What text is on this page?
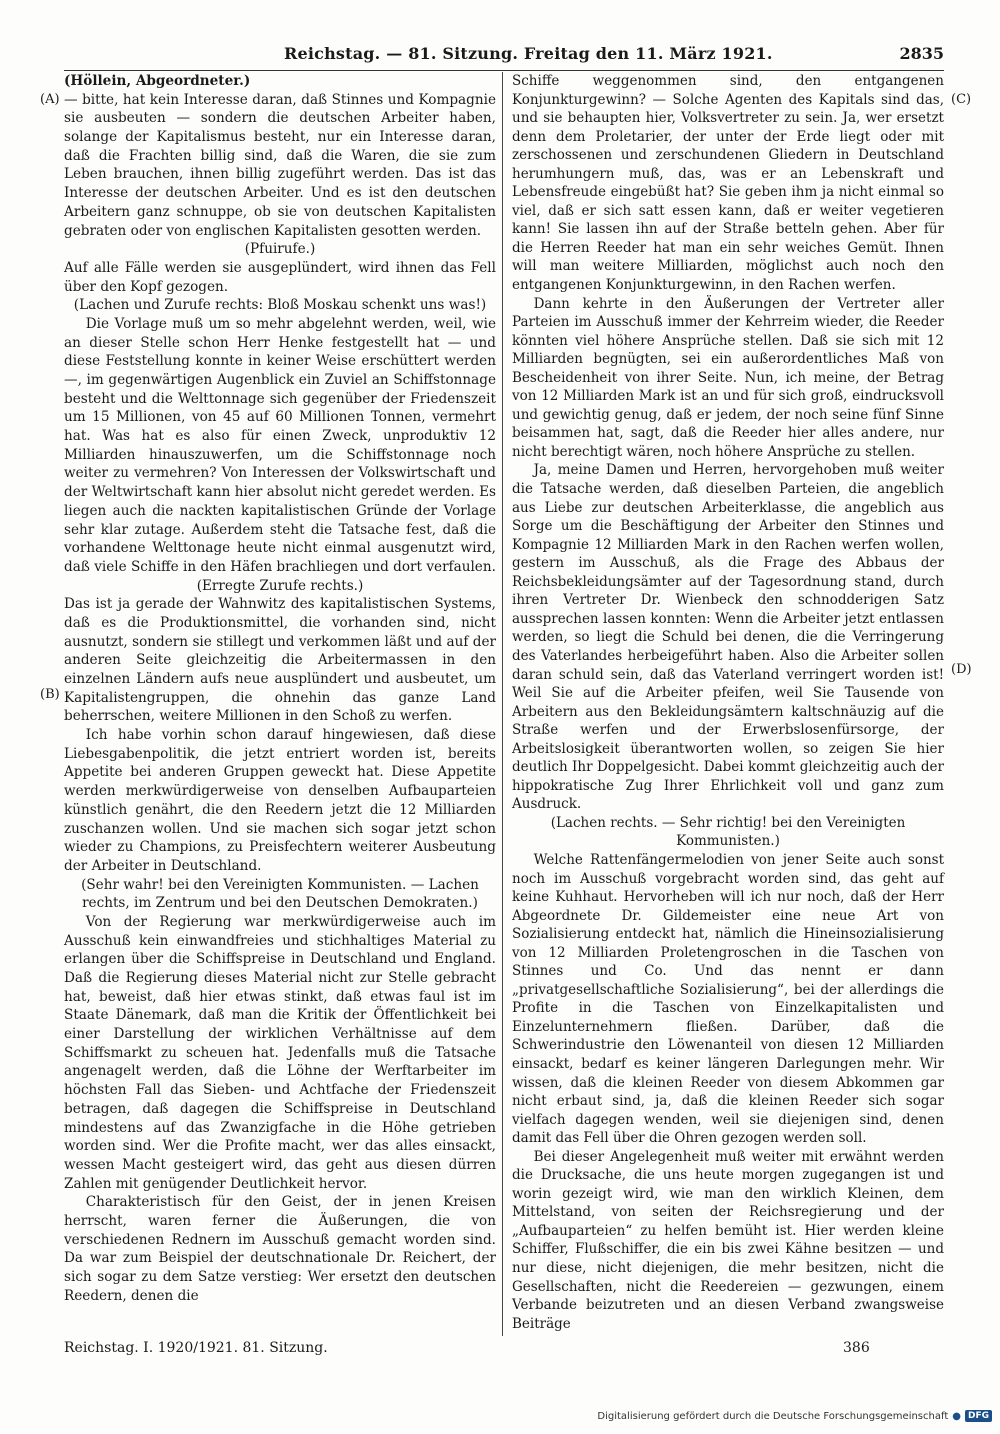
Reichstag. — 81. Sitzung. Freitag den 11. März 1921.	2835
(A)
(B)
(C)
(D)

(Höllein, Abgeordneter.)

— bitte, hat kein Interesse daran, daß Stinnes und Kompagnie sie ausbeuten — sondern die deutschen Arbeiter haben, solange der Kapitalismus besteht, nur ein Interesse daran, daß die Frachten billig sind, daß die Waren, die sie zum Leben brauchen, ihnen billig zugeführt werden. Das ist das Interesse der deutschen Arbeiter. Und es ist den deutschen Arbeitern ganz schnuppe, ob sie von deutschen Kapitalisten gebraten oder von englischen Kapitalisten gesotten werden.

(Pfuirufe.)

Auf alle Fälle werden sie ausgeplündert, wird ihnen das Fell über den Kopf gezogen.

(Lachen und Zurufe rechts: Bloß Moskau schenkt uns was!)

Die Vorlage muß um so mehr abgelehnt werden, weil, wie an dieser Stelle schon Herr Henke festgestellt hat — und diese Feststellung konnte in keiner Weise erschüttert werden —, im gegenwärtigen Augenblick ein Zuviel an Schiffstonnage besteht und die Welttonnage sich gegenüber der Friedenszeit um 15 Millionen, von 45 auf 60 Millionen Tonnen, vermehrt hat. Was hat es also für einen Zweck, unproduktiv 12 Milliarden hinauszuwerfen, um die Schiffstonnage noch weiter zu vermehren? Von Interessen der Volkswirtschaft und der Weltwirtschaft kann hier absolut nicht geredet werden. Es liegen auch die nackten kapitalistischen Gründe der Vorlage sehr klar zutage. Außerdem steht die Tatsache fest, daß die vorhandene Welttonage heute nicht einmal ausgenutzt wird, daß viele Schiffe in den Häfen brachliegen und dort verfaulen.

(Erregte Zurufe rechts.)

Das ist ja gerade der Wahnwitz des kapitalistischen Systems, daß es die Produktionsmittel, die vorhanden sind, nicht ausnutzt, sondern sie stillegt und verkommen läßt und auf der anderen Seite gleichzeitig die Arbeitermassen in den einzelnen Ländern aufs neue ausplündert und ausbeutet, um Kapitalistengruppen, die ohnehin das ganze Land beherrschen, weitere Millionen in den Schoß zu werfen.

Ich habe vorhin schon darauf hingewiesen, daß diese Liebesgabenpolitik, die jetzt entriert worden ist, bereits Appetite bei anderen Gruppen geweckt hat. Diese Appetite werden merkwürdigerweise von denselben Aufbauparteien künstlich genährt, die den Reedern jetzt die 12 Milliarden zuschanzen wollen. Und sie machen sich sogar jetzt schon wieder zu Champions, zu Preisfechtern weiterer Ausbeutung der Arbeiter in Deutschland.

(Sehr wahr! bei den Vereinigten Kommunisten. — Lachen rechts, im Zentrum und bei den Deutschen Demokraten.)

Von der Regierung war merkwürdigerweise auch im Ausschuß kein einwandfreies und stichhaltiges Material zu erlangen über die Schiffspreise in Deutschland und England. Daß die Regierung dieses Material nicht zur Stelle gebracht hat, beweist, daß hier etwas stinkt, daß etwas faul ist im Staate Dänemark, daß man die Kritik der Öffentlichkeit bei einer Darstellung der wirklichen Verhältnisse auf dem Schiffsmarkt zu scheuen hat. Jedenfalls muß die Tatsache angenagelt werden, daß die Löhne der Werftarbeiter im höchsten Fall das Sieben- und Achtfache der Friedenszeit betragen, daß dagegen die Schiffspreise in Deutschland mindestens auf das Zwanzigfache in die Höhe getrieben worden sind. Wer die Profite macht, wer das alles einsackt, wessen Macht gesteigert wird, das geht aus diesen dürren Zahlen mit genügender Deutlichkeit hervor.

Charakteristisch für den Geist, der in jenen Kreisen herrscht, waren ferner die Äußerungen, die von verschiedenen Rednern im Ausschuß gemacht worden sind. Da war zum Beispiel der deutschnationale Dr. Reichert, der sich sogar zu dem Satze verstieg: Wer ersetzt den deutschen Reedern, denen die

Schiffe weggenommen sind, den entgangenen Konjunkturgewinn? — Solche Agenten des Kapitals sind das, und sie behaupten hier, Volksvertreter zu sein. Ja, wer ersetzt denn dem Proletarier, der unter der Erde liegt oder mit zerschossenen und zerschundenen Gliedern in Deutschland herumhungern muß, das, was er an Lebenskraft und Lebensfreude eingebüßt hat? Sie geben ihm ja nicht einmal so viel, daß er sich satt essen kann, daß er weiter vegetieren kann! Sie lassen ihn auf der Straße betteln gehen. Aber für die Herren Reeder hat man ein sehr weiches Gemüt. Ihnen will man weitere Milliarden, möglichst auch noch den entgangenen Konjunkturgewinn, in den Rachen werfen.

Dann kehrte in den Äußerungen der Vertreter aller Parteien im Ausschuß immer der Kehrreim wieder, die Reeder könnten viel höhere Ansprüche stellen. Daß sie sich mit 12 Milliarden begnügten, sei ein außerordentliches Maß von Bescheidenheit von ihrer Seite. Nun, ich meine, der Betrag von 12 Milliarden Mark ist an und für sich groß, eindrucksvoll und gewichtig genug, daß er jedem, der noch seine fünf Sinne beisammen hat, sagt, daß die Reeder hier alles andere, nur nicht berechtigt wären, noch höhere Ansprüche zu stellen.

Ja, meine Damen und Herren, hervorgehoben muß weiter die Tatsache werden, daß dieselben Parteien, die angeblich aus Liebe zur deutschen Arbeiterklasse, die angeblich aus Sorge um die Beschäftigung der Arbeiter den Stinnes und Kompagnie 12 Milliarden Mark in den Rachen werfen wollen, gestern im Ausschuß, als die Frage des Abbaus der Reichsbekleidungsämter auf der Tagesordnung stand, durch ihren Vertreter Dr. Wienbeck den schnodderigen Satz aussprechen lassen konnten: Wenn die Arbeiter jetzt entlassen werden, so liegt die Schuld bei denen, die die Verringerung des Vaterlandes herbeigeführt haben. Also die Arbeiter sollen daran schuld sein, daß das Vaterland verringert worden ist! Weil Sie auf die Arbeiter pfeifen, weil Sie Tausende von Arbeitern aus den Bekleidungsämtern kaltschnäuzig auf die Straße werfen und der Erwerbslosenfürsorge, der Arbeitslosigkeit überantworten wollen, so zeigen Sie hier deutlich Ihr Doppelgesicht. Dabei kommt gleichzeitig auch der hippokratische Zug Ihrer Ehrlichkeit voll und ganz zum Ausdruck.

(Lachen rechts. — Sehr richtig! bei den Vereinigten Kommunisten.)

Welche Rattenfängermelodien von jener Seite auch sonst noch im Ausschuß vorgebracht worden sind, das geht auf keine Kuhhaut. Hervorheben will ich nur noch, daß der Herr Abgeordnete Dr. Gildemeister eine neue Art von Sozialisierung entdeckt hat, nämlich die Hineinsozialisierung von 12 Milliarden Proletengroschen in die Taschen von Stinnes und Co. Und das nennt er dann „privatgesellschaftliche Sozialisierung“, bei der allerdings die Profite in die Taschen von Einzelkapitalisten und Einzelunternehmern fließen. Darüber, daß die Schwerindustrie den Löwenanteil von diesen 12 Milliarden einsackt, bedarf es keiner längeren Darlegungen mehr. Wir wissen, daß die kleinen Reeder von diesem Abkommen gar nicht erbaut sind, ja, daß die kleinen Reeder sich sogar vielfach dagegen wenden, weil sie diejenigen sind, denen damit das Fell über die Ohren gezogen werden soll.

Bei dieser Angelegenheit muß weiter mit erwähnt werden die Drucksache, die uns heute morgen zugegangen ist und worin gezeigt wird, wie man den wirklich Kleinen, dem Mittelstand, von seiten der Reichsregierung und der „Aufbauparteien“ zu helfen bemüht ist. Hier werden kleine Schiffer, Flußschiffer, die ein bis zwei Kähne besitzen — und nur diese, nicht diejenigen, die mehr besitzen, nicht die Gesellschaften, nicht die Reedereien — gezwungen, einem Verbande beizutreten und an diesen Verband zwangsweise Beiträge

Reichstag. I. 1920/1921. 81. Sitzung.	386
Digitalisierung gefördert durch die Deutsche Forschungsgemeinschaft ● DFG
